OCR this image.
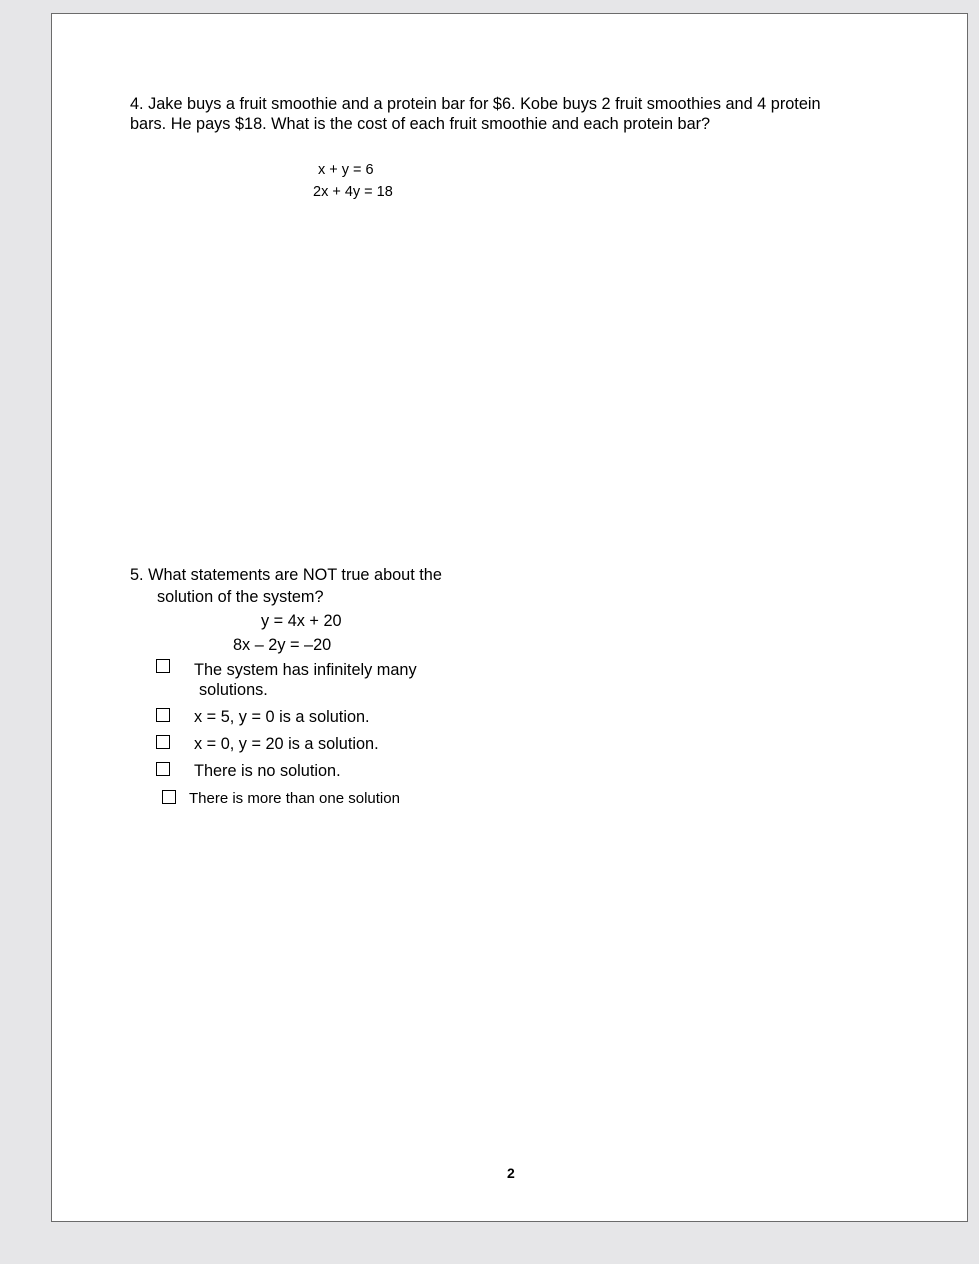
4. Jake buys a fruit smoothie and a protein bar for $6. Kobe buys 2 fruit smoothies and 4 protein
bars. He pays $18. What is the cost of each fruit smoothie and each protein bar?
x + y = 6
2x + 4y = 18
5. What statements are NOT true about the
solution of the system?
y = 4x + 20
8x – 2y = –20
The system has infinitely many
solutions.
x = 5, y = 0 is a solution.
x = 0, y = 20 is a solution.
There is no solution.
There is more than one solution
2
